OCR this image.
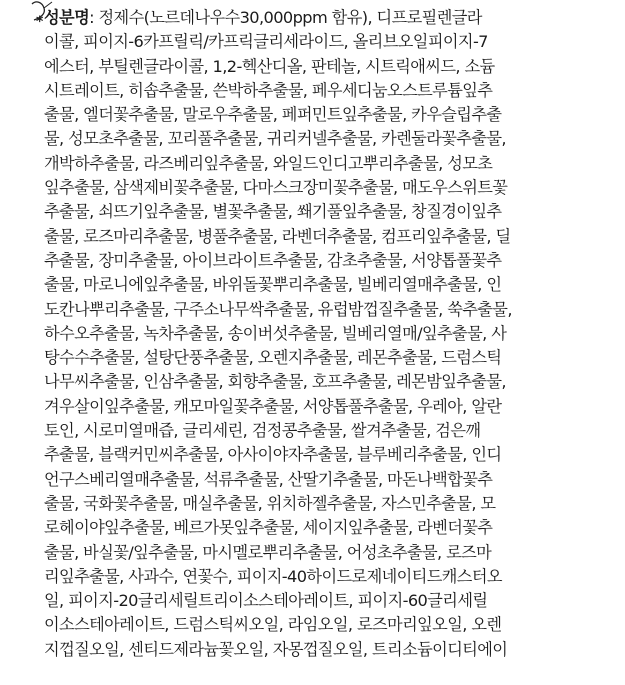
* 성분명: 정제수(노르데나우수30,000ppm 함유), 디프로필렌글라
이콜, 피이지-6카프릴릭/카프릭글리세라이드, 올리브오일피이지-7
에스터, 부틸렌글라이콜, 1,2-헥산디올, 판테놀, 시트릭애씨드, 소듐
시트레이트, 히솝추출물, 쓴박하추출물, 페우세디눔오스트루튬잎추
출물, 엘더꽃추출물, 말로우추출물, 페퍼민트잎추출물, 카우슬립추출
물, 성모초추출물, 꼬리풀추출물, 귀리커넬추출물, 카렌둘라꽃추출물,
개박하추출물, 라즈베리잎추출물, 와일드인디고뿌리추출물, 성모초
잎추출물, 삼색제비꽃추출물, 다마스크장미꽃추출물, 매도우스위트꽃
추출물, 쇠뜨기잎추출물, 별꽃추출물, 쐐기풀잎추출물, 창질경이잎추
출물, 로즈마리추출물, 병풀추출물, 라벤더추출물, 컴프리잎추출물, 딜
추출물, 장미추출물, 아이브라이트추출물, 감초추출물, 서양톱풀꽃추
출물, 마로니에잎추출물, 바위돌꽃뿌리추출물, 빌베리열매추출물, 인
도칸나뿌리추출물, 구주소나무싹추출물, 유럽밤껍질추출물, 쑥추출물,
하수오추출물, 녹차추출물, 송이버섯추출물, 빌베리열매/잎추출물, 사
탕수수추출물, 설탕단풍추출물, 오렌지추출물, 레몬추출물, 드럼스틱
나무씨추출물, 인삼추출물, 회향추출물, 호프추출물, 레몬밤잎추출물,
겨우살이잎추출물, 캐모마일꽃추출물, 서양톱풀추출물, 우레아, 알란
토인, 시로미열매즙, 글리세린, 검정콩추출물, 쌀겨추출물, 검은깨
추출물, 블랙커민씨추출물, 아사이야자추출물, 블루베리추출물, 인디
언구스베리열매추출물, 석류추출물, 산딸기추출물, 마돈나백합꽃추
출물, 국화꽃추출물, 매실추출물, 위치하젤추출물, 자스민추출물, 모
로헤이야잎추출물, 베르가못잎추출물, 세이지잎추출물, 라벤더꽃추
출물, 바실꽃/잎추출물, 마시멜로뿌리추출물, 어성초추출물, 로즈마
리잎추출물, 사과수, 연꽃수, 피이지-40하이드로제네이티드캐스터오
일, 피이지-20글리세릴트리이소스테아레이트, 피이지-60글리세릴
이소스테아레이트, 드럼스틱씨오일, 라임오일, 로즈마리잎오일, 오렌
지껍질오일, 센티드제라늄꽃오일, 자몽껍질오일, 트리소듐이디티에이
